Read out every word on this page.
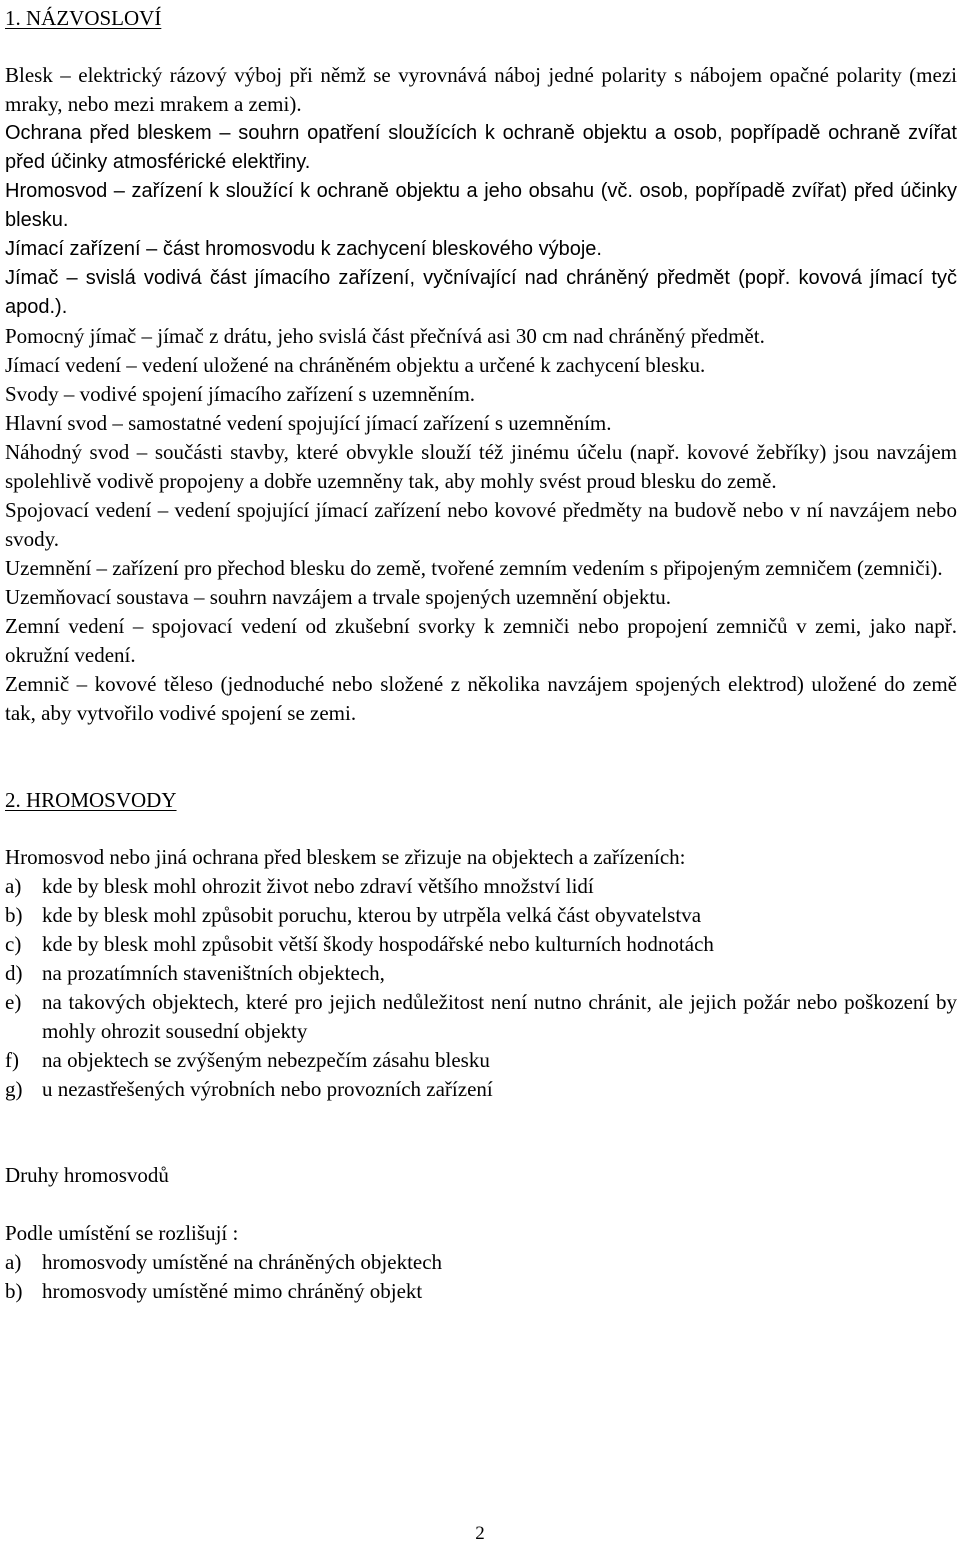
1. NÁZVOSLOVÍ

Blesk – elektrický rázový výboj při němž se vyrovnává náboj jedné polarity s nábojem opačné polarity (mezi mraky, nebo mezi mrakem a zemi).

Ochrana před bleskem – souhrn opatření sloužících k ochraně objektu a osob, popřípadě ochraně zvířat před účinky atmosférické elektřiny.

Hromosvod – zařízení k sloužící k ochraně objektu a jeho obsahu (vč. osob, popřípadě zvířat) před účinky blesku.

Jímací zařízení – část hromosvodu k zachycení bleskového výboje.

Jímač – svislá vodivá část jímacího zařízení, vyčnívající nad chráněný předmět (popř. kovová jímací tyč apod.).

Pomocný jímač – jímač z drátu, jeho svislá část přečnívá asi 30 cm nad chráněný předmět.

Jímací vedení – vedení uložené na chráněném objektu a určené k zachycení blesku.

Svody – vodivé spojení jímacího zařízení s uzemněním.

Hlavní svod – samostatné vedení spojující jímací zařízení s uzemněním.

Náhodný svod – součásti stavby, které obvykle slouží též jinému účelu (např. kovové žebříky) jsou navzájem spolehlivě vodivě propojeny a dobře uzemněny tak, aby mohly svést proud blesku do země.

Spojovací vedení – vedení spojující jímací zařízení nebo kovové předměty na budově nebo v ní navzájem nebo svody.

Uzemnění – zařízení pro přechod blesku do země, tvořené zemním vedením s připojeným zemničem (zemniči).

Uzemňovací soustava – souhrn navzájem a trvale spojených uzemnění objektu.

Zemní vedení – spojovací vedení od zkušební svorky k zemniči nebo propojení zemničů v zemi, jako např. okružní vedení.

Zemnič – kovové těleso (jednoduché nebo složené z několika navzájem spojených elektrod) uložené do země tak, aby vytvořilo vodivé spojení se zemi.

2. HROMOSVODY

Hromosvod nebo jiná ochrana před bleskem se zřizuje na objektech a zařízeních:

a) kde by blesk mohl ohrozit život nebo zdraví většího množství lidí
b) kde by blesk mohl způsobit poruchu, kterou by utrpěla velká část obyvatelstva
c) kde by blesk mohl způsobit větší škody hospodářské nebo kulturních hodnotách
d) na prozatímních staveništních objektech,
e) na takových objektech, které pro jejich nedůležitost není nutno chránit, ale jejich požár nebo poškození by mohly ohrozit sousední objekty
f)	na objektech se zvýšeným nebezpečím zásahu blesku
g) u nezastřešených výrobních nebo provozních zařízení

Druhy hromosvodů

Podle umístění se rozlišují :

a) hromosvody umístěné na chráněných objektech
b) hromosvody umístěné mimo chráněný objekt
2
